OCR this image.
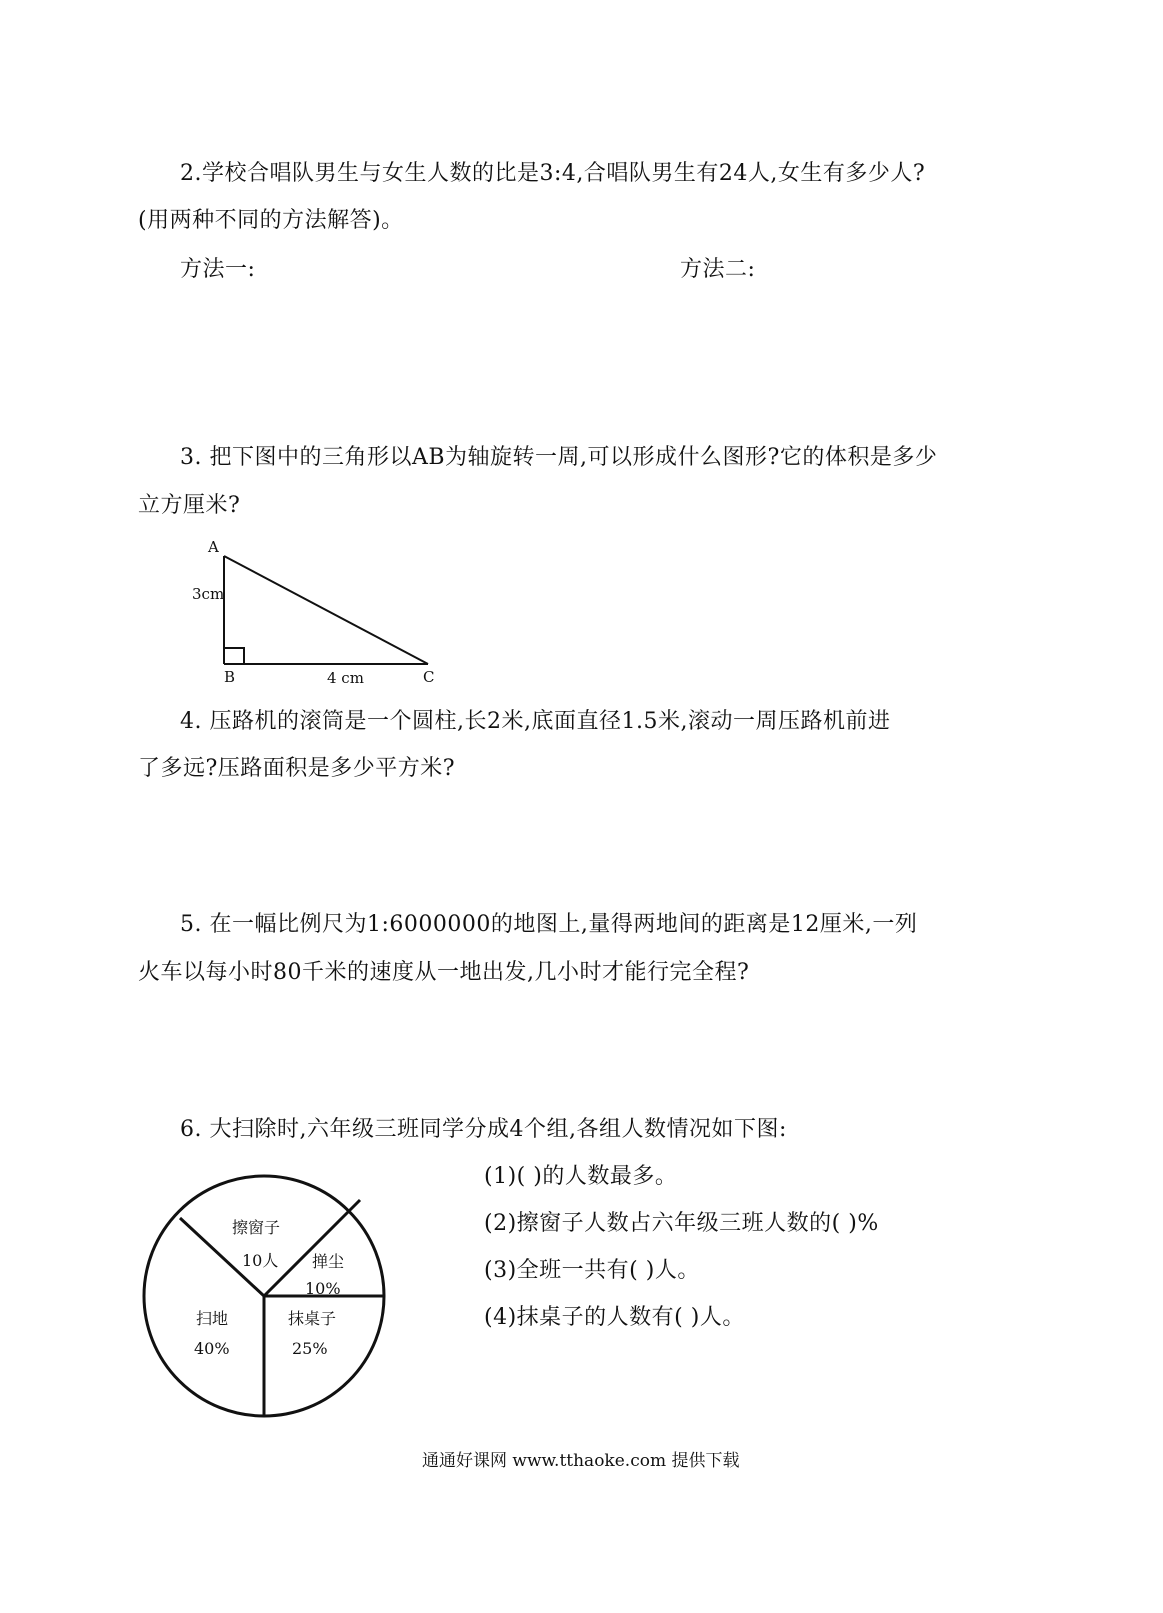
2.学校合唱队男生与女生人数的比是3:4,合唱队男生有24人,女生有多少人?
(用两种不同的方法解答)。
方法一:	方法二:
3. 把下图中的三角形以AB为轴旋转一周,可以形成什么图形?它的体积是多少
立方厘米?
A
3cm
B	4 cm	C
4. 压路机的滚筒是一个圆柱,长2米,底面直径1.5米,滚动一周压路机前进
了多远?压路面积是多少平方米?
5. 在一幅比例尺为1:6000000的地图上,量得两地间的距离是12厘米,一列
火车以每小时80千米的速度从一地出发,几小时才能行完全程?
6. 大扫除时,六年级三班同学分成4个组,各组人数情况如下图:
(1)( )的人数最多。
(2)擦窗子人数占六年级三班人数的( )%
(3)全班一共有( )人。
(4)抹桌子的人数有( )人。
擦窗子
10人 掸尘
10%
抹桌子
25%
扫地
40%
通通好课网 www.tthaoke.com 提供下载
